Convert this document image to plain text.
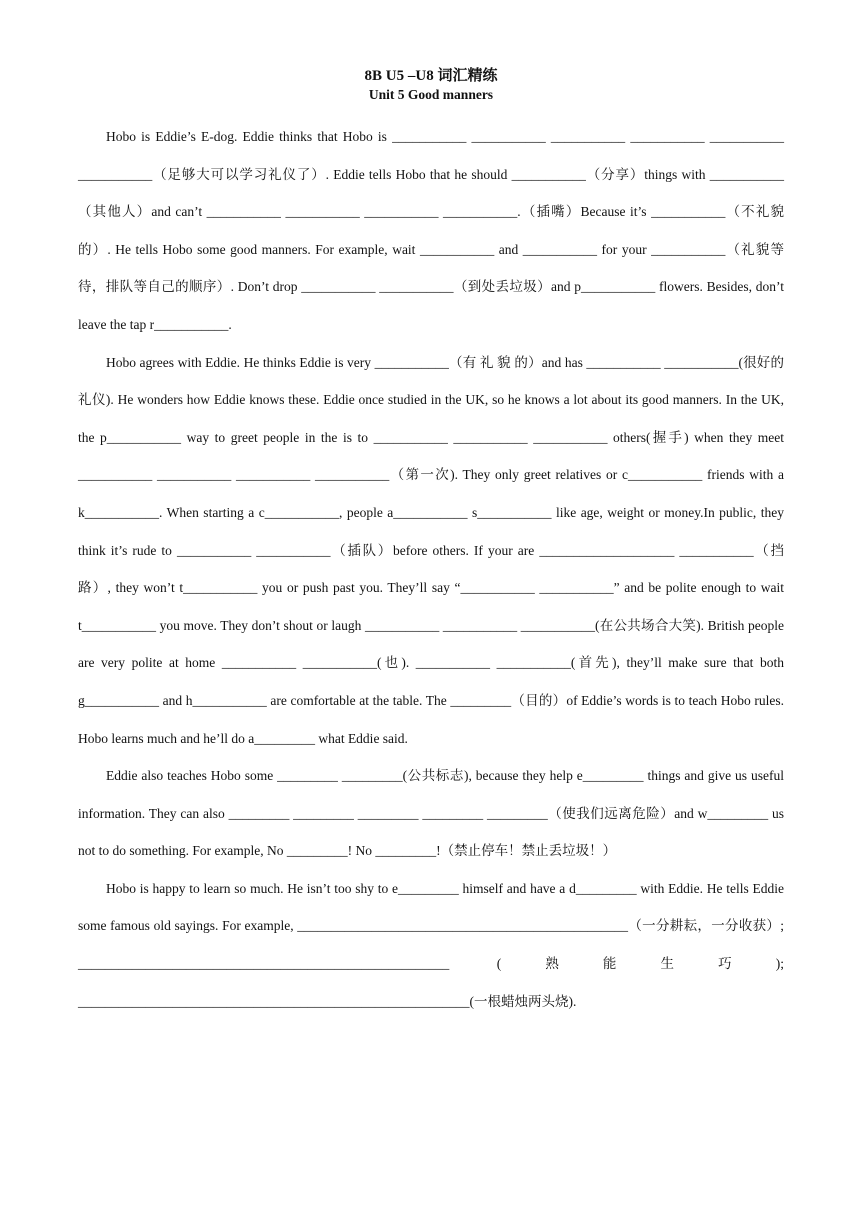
8B U5 –U8 词汇精练

Unit 5 Good manners

Hobo is Eddie’s E-dog. Eddie thinks that Hobo is ___________ ___________ ___________ ___________ ___________ ___________（足够大可以学习礼仪了）. Eddie tells Hobo that he should ___________（分享）things with ___________（其他人）and can’t ___________ ___________ ___________ ___________.（插嘴）Because it’s ___________（不礼貌的）. He tells Hobo some good manners. For example, wait ___________ and ___________ for your ___________（礼貌等待，排队等自己的顺序）. Don’t drop ___________ ___________（到处丢垃圾）and p___________ flowers. Besides, don’t leave the tap r___________.

Hobo agrees with Eddie. He thinks Eddie is very ___________（有 礼 貌 的）and has ___________ ___________(很好的礼仪). He wonders how Eddie knows these. Eddie once studied in the UK, so he knows a lot about its good manners. In the UK, the p___________ way to greet people in the is to ___________ ___________ ___________ others(握手) when they meet ___________ ___________ ___________ ___________（第一次). They only greet relatives or c___________ friends with a k___________. When starting a c___________, people a___________ s___________ like age, weight or money.In public, they think it’s rude to ___________ ___________（插队）before others. If your are ____________________ ___________（挡路）, they won’t t___________ you or push past you. They’ll say “___________ ___________” and be polite enough to wait t___________ you move. They don’t shout or laugh ___________ ___________ ___________(在公共场合大笑). British people are very polite at home ___________ ___________(也). ___________ ___________(首先), they’ll make sure that both g___________ and h___________ are comfortable at the table. The _________（目的）of Eddie’s words is to teach Hobo rules. Hobo learns much and he’ll do a_________ what Eddie said.

Eddie also teaches Hobo some _________ _________(公共标志), because they help e_________ things and give us useful information. They can also _________ _________ _________ _________ _________（使我们远离危险）and w_________ us not to do something. For example, No _________! No _________!（禁止停车！禁止丢垃圾！）

Hobo is happy to learn so much. He isn’t too shy to e_________ himself and have a d_________ with Eddie. He tells Eddie some famous old sayings. For example, _________________________________________________（一分耕耘，一分收获）; _______________________________________________________ (熟能生巧); __________________________________________________________(一根蜡烛两头烧).
